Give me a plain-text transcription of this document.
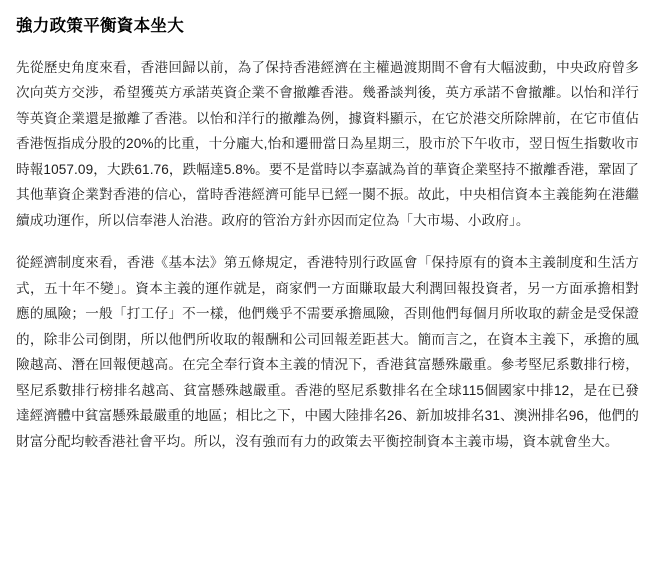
強力政策平衡資本坐大

先從歷史角度來看，香港回歸以前，為了保持香港經濟在主權過渡期間不會有大幅波動，中央政府曾多次向英方交涉，希望獲英方承諾英資企業不會撤離香港。幾番談判後，英方承諾不會撤離。以怡和洋行等英資企業還是撤離了香港。以怡和洋行的撤離為例，據資料顯示，在它於港交所除牌前，在它市值佔香港恆指成分股的20%的比重，十分龐大,怡和遷冊當日為星期三，股市於下午收市，翌日恆生指數收市時報1057.09，大跌61.76，跌幅達5.8%。要不是當時以李嘉誠為首的華資企業堅持不撤離香港，鞏固了其他華資企業對香港的信心，當時香港經濟可能早已經一闋不振。故此，中央相信資本主義能夠在港繼續成功運作，所以信奉港人治港。政府的管治方針亦因而定位為「大市場、小政府」。

從經濟制度來看，香港《基本法》第五條規定，香港特別行政區會「保持原有的資本主義制度和生活方式，五十年不變」。資本主義的運作就是，商家們一方面賺取最大利潤回報投資者，另一方面承擔相對應的風險；一般「打工仔」不一樣，他們幾乎不需要承擔風險，否則他們每個月所收取的薪金是受保證的，除非公司倒閉，所以他們所收取的報酬和公司回報差距甚大。簡而言之，在資本主義下，承擔的風險越高、潛在回報便越高。在完全奉行資本主義的情況下，香港貧富懸殊嚴重。參考堅尼系數排行榜，堅尼系數排行榜排名越高、貧富懸殊越嚴重。香港的堅尼系數排名在全球115個國家中排12，是在已發達經濟體中貧富懸殊最嚴重的地區；相比之下，中國大陸排名26、新加坡排名31、澳洲排名96，他們的財富分配均較香港社會平均。所以，沒有強而有力的政策去平衡控制資本主義市場，資本就會坐大。
